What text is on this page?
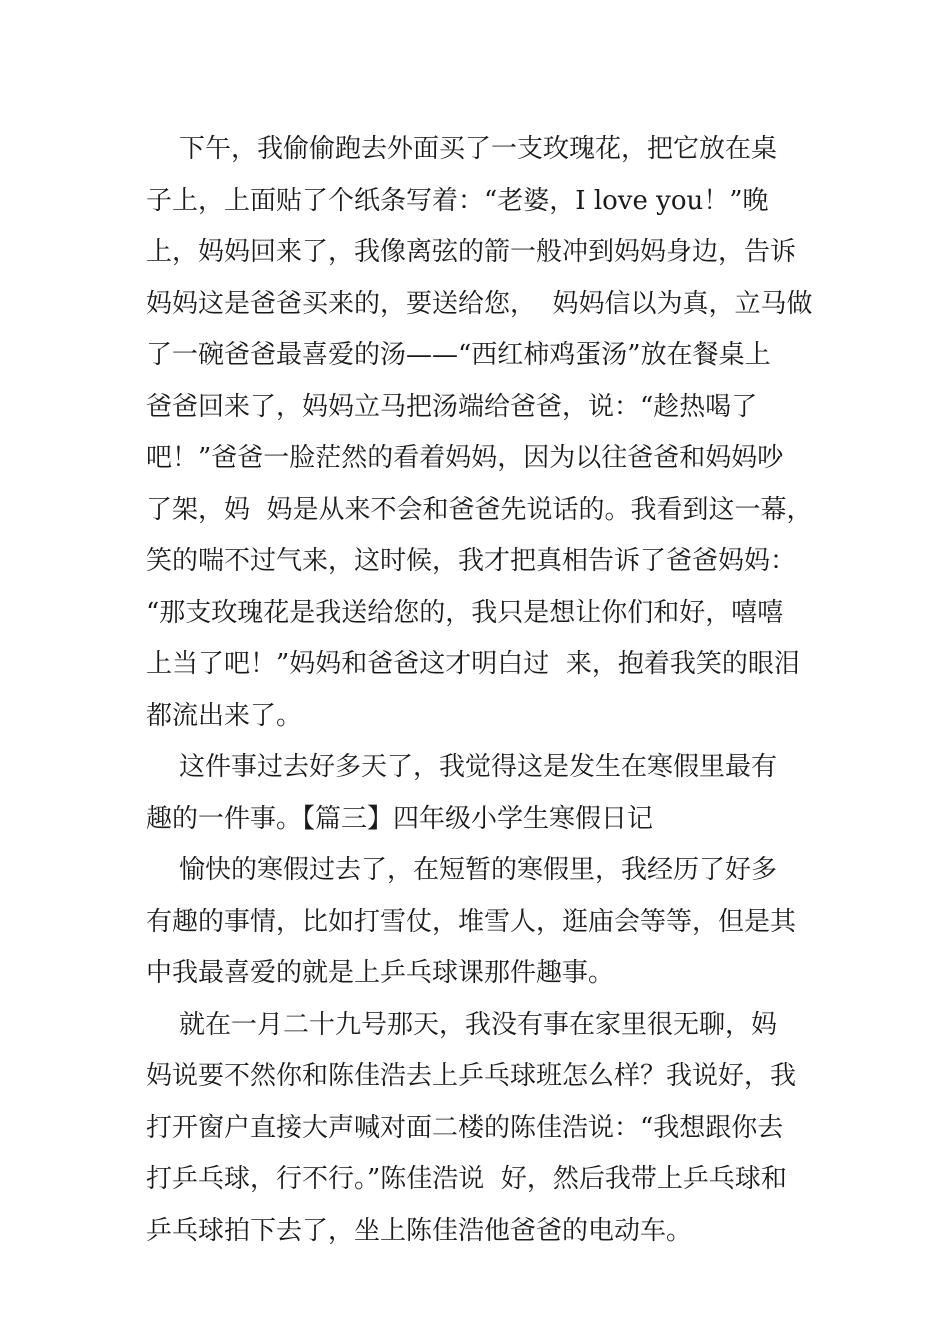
下午，我偷偷跑去外面买了一支玫瑰花，把它放在桌
子上，上面贴了个纸条写着：“老婆，I love you！”晚
上，妈妈回来了，我像离弦的箭一般冲到妈妈身边，告诉
妈妈这是爸爸买来的，要送给您，  妈妈信以为真，立马做
了一碗爸爸最喜爱的汤——“西红柿鸡蛋汤”放在餐桌上
爸爸回来了，妈妈立马把汤端给爸爸，说：“趁热喝了
吧！”爸爸一脸茫然的看着妈妈，因为以往爸爸和妈妈吵
了架，妈  妈是从来不会和爸爸先说话的。我看到这一幕，
笑的喘不过气来，这时候，我才把真相告诉了爸爸妈妈：
“那支玫瑰花是我送给您的，我只是想让你们和好，嘻嘻
上当了吧！”妈妈和爸爸这才明白过  来，抱着我笑的眼泪
都流出来了。
这件事过去好多天了，我觉得这是发生在寒假里最有
趣的一件事。【篇三】四年级小学生寒假日记
愉快的寒假过去了，在短暂的寒假里，我经历了好多
有趣的事情，比如打雪仗，堆雪人，逛庙会等等，但是其
中我最喜爱的就是上乒乓球课那件趣事。
就在一月二十九号那天，我没有事在家里很无聊，妈
妈说要不然你和陈佳浩去上乒乓球班怎么样？我说好，我
打开窗户直接大声喊对面二楼的陈佳浩说：“我想跟你去
打乒乓球，行不行。”陈佳浩说  好，然后我带上乒乓球和
乒乓球拍下去了，坐上陈佳浩他爸爸的电动车。
